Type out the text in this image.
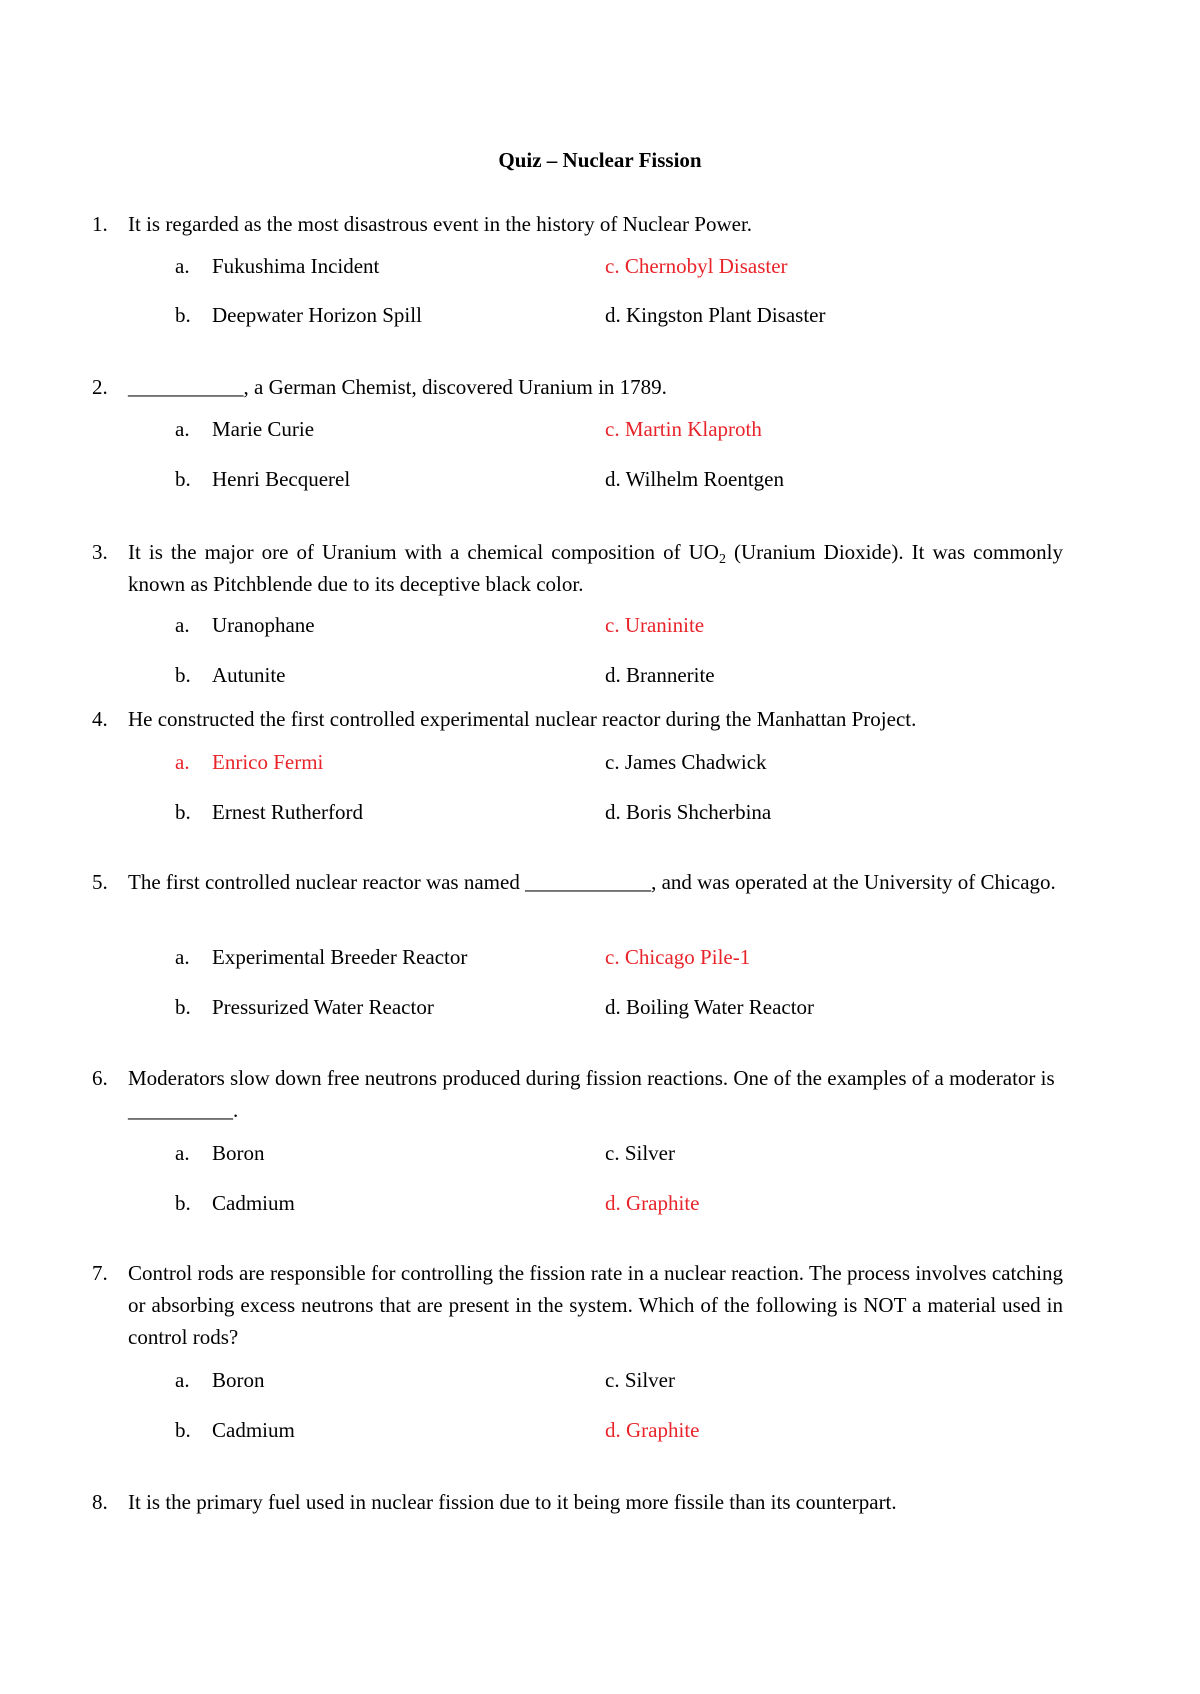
Quiz – Nuclear Fission
1. It is regarded as the most disastrous event in the history of Nuclear Power.
a. Fukushima Incident	c. Chernobyl Disaster
b. Deepwater Horizon Spill	d. Kingston Plant Disaster
2. ___________, a German Chemist, discovered Uranium in 1789.
a. Marie Curie	c. Martin Klaproth
b. Henri Becquerel	d. Wilhelm Roentgen
3. It is the major ore of Uranium with a chemical composition of $UO_2$ (Uranium Dioxide). It was commonly known as Pitchblende due to its deceptive black color.
a. Uranophane	c. Uraninite
b. Autunite	d. Brannerite
4. He constructed the first controlled experimental nuclear reactor during the Manhattan Project.
a. Enrico Fermi	c. James Chadwick
b. Ernest Rutherford	d. Boris Shcherbina
5. The first controlled nuclear reactor was named ____________, and was operated at the University of Chicago.
a. Experimental Breeder Reactor	c. Chicago Pile-1
b. Pressurized Water Reactor	d. Boiling Water Reactor
6. Moderators slow down free neutrons produced during fission reactions. One of the examples of a moderator is __________.
a. Boron	c. Silver
b. Cadmium	d. Graphite
7. Control rods are responsible for controlling the fission rate in a nuclear reaction. The process involves catching or absorbing excess neutrons that are present in the system. Which of the following is NOT a material used in control rods?
a. Boron	c. Silver
b. Cadmium	d. Graphite
8. It is the primary fuel used in nuclear fission due to it being more fissile than its counterpart.
